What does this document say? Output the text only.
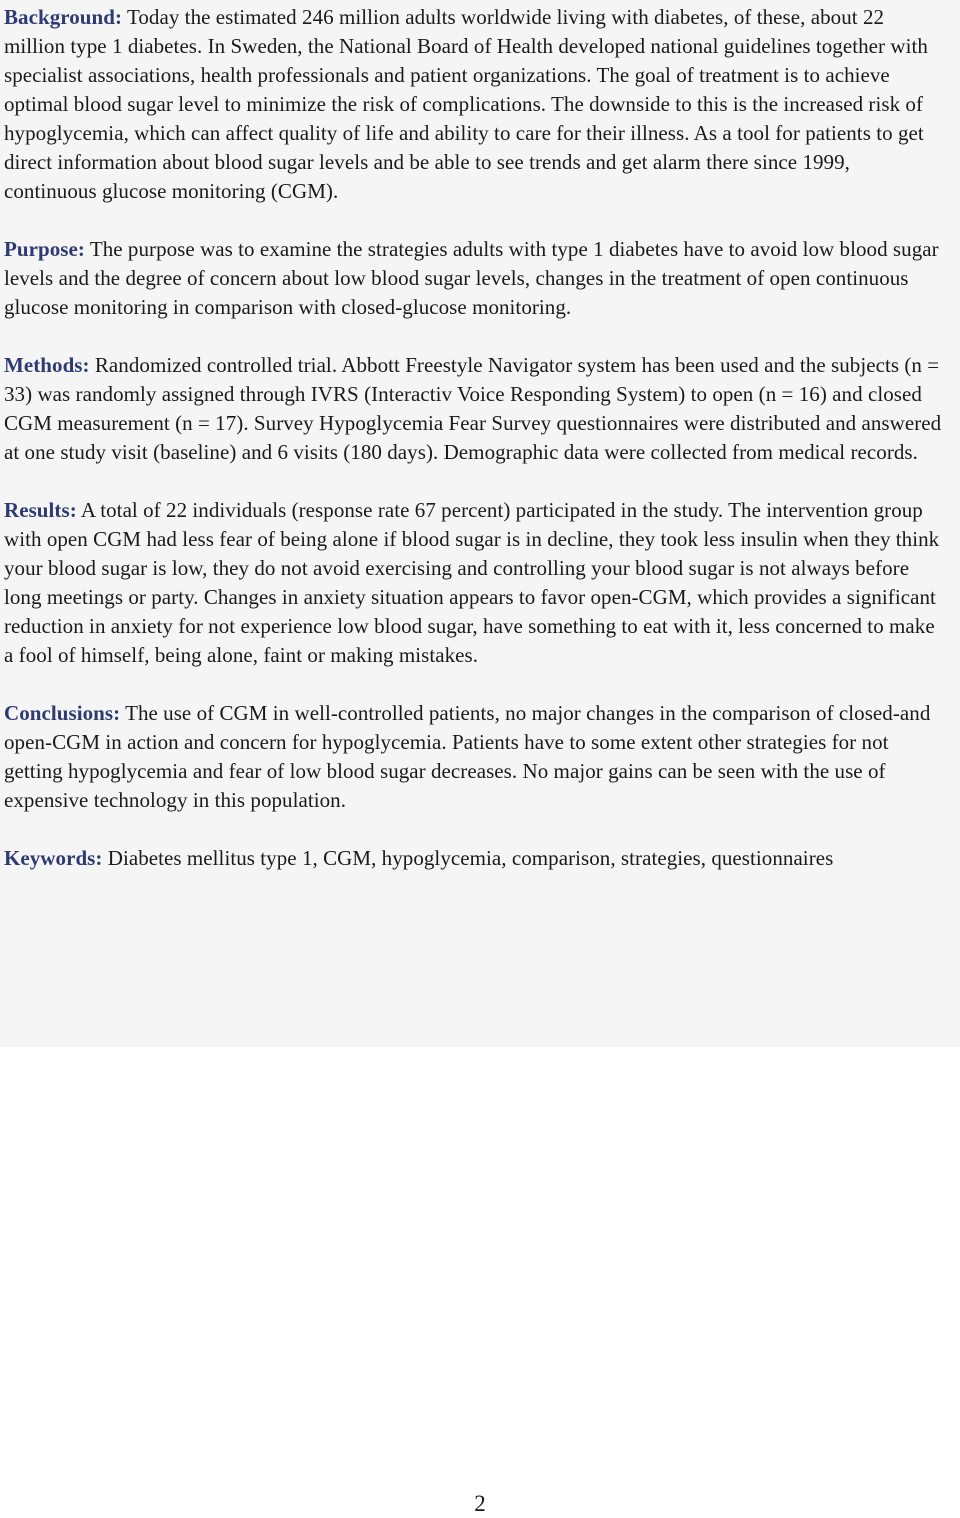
Background: Today the estimated 246 million adults worldwide living with diabetes, of these, about 22 million type 1 diabetes. In Sweden, the National Board of Health developed national guidelines together with specialist associations, health professionals and patient organizations. The goal of treatment is to achieve optimal blood sugar level to minimize the risk of complications. The downside to this is the increased risk of hypoglycemia, which can affect quality of life and ability to care for their illness. As a tool for patients to get direct information about blood sugar levels and be able to see trends and get alarm there since 1999, continuous glucose monitoring (CGM).

Purpose: The purpose was to examine the strategies adults with type 1 diabetes have to avoid low blood sugar levels and the degree of concern about low blood sugar levels, changes in the treatment of open continuous glucose monitoring in comparison with closed-glucose monitoring.

Methods: Randomized controlled trial. Abbott Freestyle Navigator system has been used and the subjects (n = 33) was randomly assigned through IVRS (Interactiv Voice Responding System) to open (n = 16) and closed CGM measurement (n = 17). Survey Hypoglycemia Fear Survey questionnaires were distributed and answered at one study visit (baseline) and 6 visits (180 days). Demographic data were collected from medical records.

Results: A total of 22 individuals (response rate 67 percent) participated in the study. The intervention group with open CGM had less fear of being alone if blood sugar is in decline, they took less insulin when they think your blood sugar is low, they do not avoid exercising and controlling your blood sugar is not always before long meetings or party. Changes in anxiety situation appears to favor open-CGM, which provides a significant reduction in anxiety for not experience low blood sugar, have something to eat with it, less concerned to make a fool of himself, being alone, faint or making mistakes.

Conclusions: The use of CGM in well-controlled patients, no major changes in the comparison of closed-and open-CGM in action and concern for hypoglycemia. Patients have to some extent other strategies for not getting hypoglycemia and fear of low blood sugar decreases. No major gains can be seen with the use of expensive technology in this population.

Keywords: Diabetes mellitus type 1, CGM, hypoglycemia, comparison, strategies, questionnaires

2
